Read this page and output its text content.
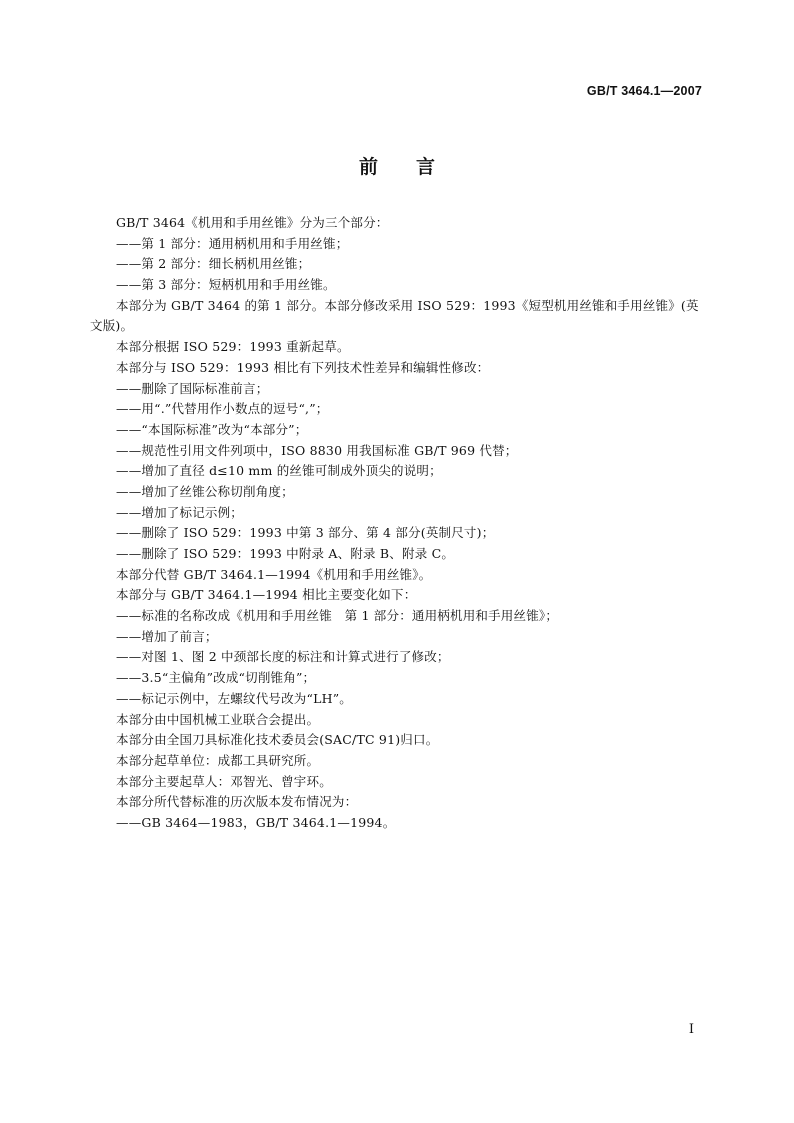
GB/T 3464.1—2007
前言
GB/T 3464《机用和手用丝锥》分为三个部分：
——第 1 部分：通用柄机用和手用丝锥；
——第 2 部分：细长柄机用丝锥；
——第 3 部分：短柄机用和手用丝锥。
本部分为 GB/T 3464 的第 1 部分。本部分修改采用 ISO 529：1993《短型机用丝锥和手用丝锥》(英
文版)。
本部分根据 ISO 529：1993 重新起草。
本部分与 ISO 529：1993 相比有下列技术性差异和编辑性修改：
——删除了国际标准前言；
——用“.”代替用作小数点的逗号“,”；
——“本国际标准”改为“本部分”；
——规范性引用文件列项中，ISO 8830 用我国标准 GB/T 969 代替；
——增加了直径 d≤10 mm 的丝锥可制成外顶尖的说明；
——增加了丝锥公称切削角度；
——增加了标记示例；
——删除了 ISO 529：1993 中第 3 部分、第 4 部分(英制尺寸)；
——删除了 ISO 529：1993 中附录 A、附录 B、附录 C。
本部分代替 GB/T 3464.1—1994《机用和手用丝锥》。
本部分与 GB/T 3464.1—1994 相比主要变化如下：
——标准的名称改成《机用和手用丝锥　第 1 部分：通用柄机用和手用丝锥》；
——增加了前言；
——对图 1、图 2 中颈部长度的标注和计算式进行了修改；
——3.5“主偏角”改成“切削锥角”；
——标记示例中，左螺纹代号改为“LH”。
本部分由中国机械工业联合会提出。
本部分由全国刀具标准化技术委员会(SAC/TC 91)归口。
本部分起草单位：成都工具研究所。
本部分主要起草人：邓智光、曾宇环。
本部分所代替标准的历次版本发布情况为：
——GB 3464—1983，GB/T 3464.1—1994。
I
